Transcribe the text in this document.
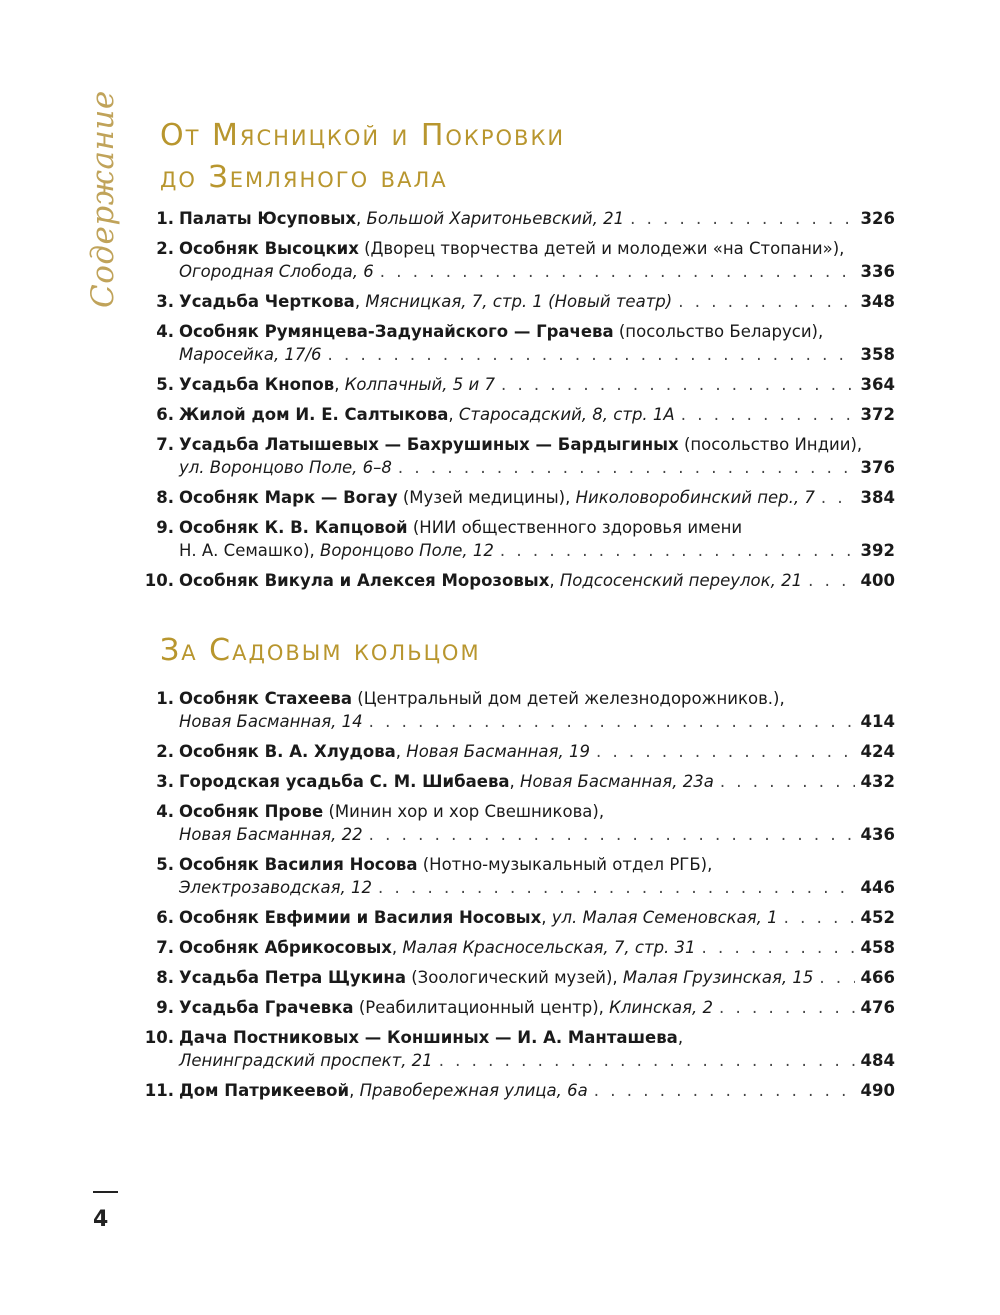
Содержание От Мясницкой и Покровки
до Земляного вала
1. Палаты Юсуповых, Большой Харитоньевский, 21 . . .	326
2. Особняк Высоцких (Дворец творчества детей и молодежи «на Стопани»),
Огородная Слобода, 6 . . .	336
3. Усадьба Черткова, Мясницкая, 7, стр. 1 (Новый театр) . . .	348
4. Особняк Румянцева-Задунайского — Грачева (посольство Беларуси),
Маросейка, 17/6 . . .	358
5. Усадьба Кнопов, Колпачный, 5 и 7 . . .	364
6. Жилой дом И. Е. Салтыкова, Старосадский, 8, стр. 1А . . .	372
7. Усадьба Латышевых — Бахрушиных — Бардыгиных (посольство Индии),
ул. Воронцово Поле, 6–8 . . .	376
8. Особняк Марк — Вогау (Музей медицины), Николоворобинский пер., 7 . . .	384
9. Особняк К. В. Капцовой (НИИ общественного здоровья имени
Н. А. Семашко), Воронцово Поле, 12 . . .	392
10. Особняк Викула и Алексея Морозовых, Подсосенский переулок, 21 . . .	400
За Садовым кольцом
1. Особняк Стахеева (Центральный дом детей железнодорожников.),
Новая Басманная, 14 . . .	414
2. Особняк В. А. Хлудова, Новая Басманная, 19 . . .	424
3. Городская усадьба С. М. Шибаева, Новая Басманная, 23а . . .	432
4. Особняк Прове (Минин хор и хор Свешникова),
Новая Басманная, 22 . . .	436
5. Особняк Василия Носова (Нотно-музыкальный отдел РГБ),
Электрозаводская, 12 . . .	446
6. Особняк Евфимии и Василия Носовых, ул. Малая Семеновская, 1 . . .	452
7. Особняк Абрикосовых, Малая Красносельская, 7, стр. 31 . . .	458
8. Усадьба Петра Щукина (Зоологический музей), Малая Грузинская, 15 . . .	466
9. Усадьба Грачевка (Реабилитационный центр), Клинская, 2 . . .	476
10. Дача Постниковых — Коншиных — И. А. Манташева,
Ленинградский проспект, 21 . . .	484
11. Дом Патрикеевой, Правобережная улица, 6а . . .	490
4
